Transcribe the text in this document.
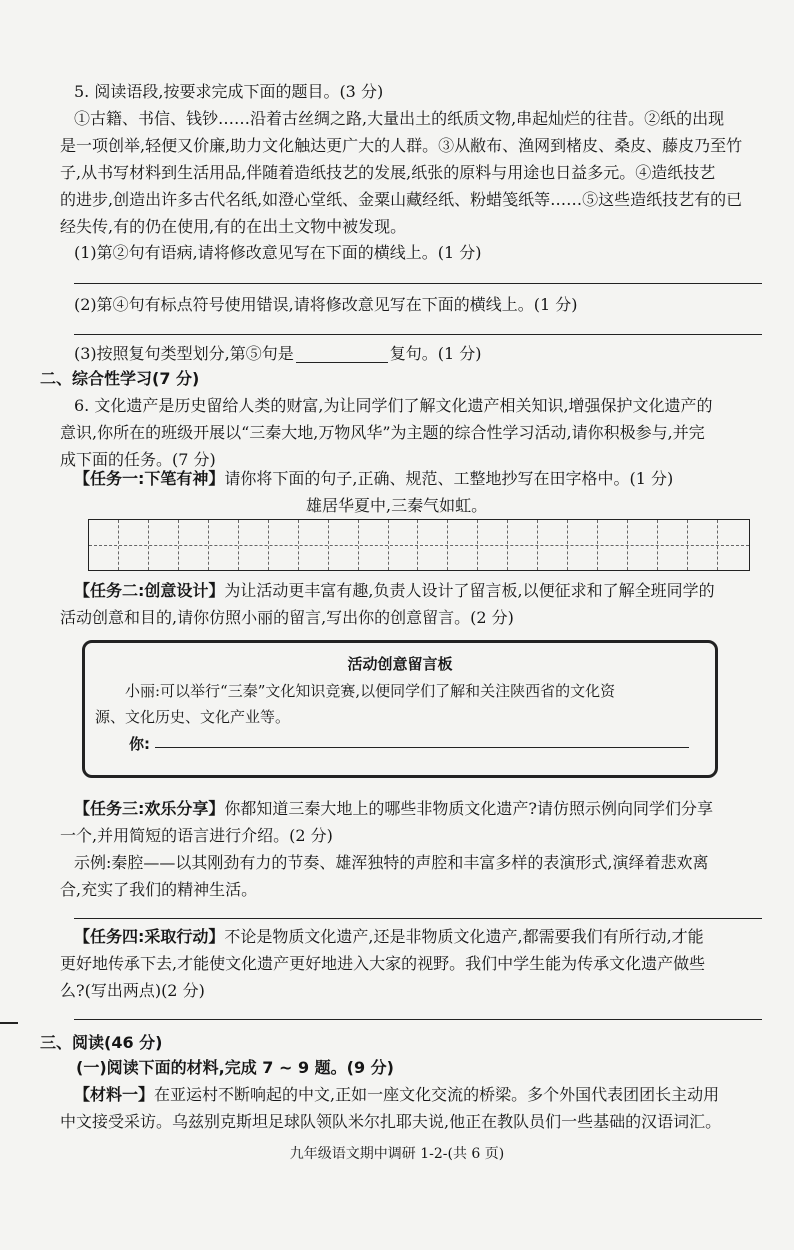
5. 阅读语段,按要求完成下面的题目。(3 分)
①古籍、书信、钱钞……沿着古丝绸之路,大量出土的纸质文物,串起灿烂的往昔。②纸的出现
是一项创举,轻便又价廉,助力文化触达更广大的人群。③从敝布、渔网到楮皮、桑皮、藤皮乃至竹
子,从书写材料到生活用品,伴随着造纸技艺的发展,纸张的原料与用途也日益多元。④造纸技艺
的进步,创造出许多古代名纸,如澄心堂纸、金粟山藏经纸、粉蜡笺纸等……⑤这些造纸技艺有的已
经失传,有的仍在使用,有的在出土文物中被发现。
(1)第②句有语病,请将修改意见写在下面的横线上。(1 分)
(2)第④句有标点符号使用错误,请将修改意见写在下面的横线上。(1 分)
(3)按照复句类型划分,第⑤句是	复句。(1 分)
二、综合性学习(7 分)
6. 文化遗产是历史留给人类的财富,为让同学们了解文化遗产相关知识,增强保护文化遗产的
意识,你所在的班级开展以“三秦大地,万物风华”为主题的综合性学习活动,请你积极参与,并完
成下面的任务。(7 分)
【任务一:下笔有神】请你将下面的句子,正确、规范、工整地抄写在田字格中。(1 分)
雄居华夏中,三秦气如虹。
【任务二:创意设计】为让活动更丰富有趣,负责人设计了留言板,以便征求和了解全班同学的
活动创意和目的,请你仿照小丽的留言,写出你的创意留言。(2 分)
活动创意留言板
小丽:可以举行“三秦”文化知识竞赛,以便同学们了解和关注陕西省的文化资
源、文化历史、文化产业等。
你:
【任务三:欢乐分享】你都知道三秦大地上的哪些非物质文化遗产?请仿照示例向同学们分享
一个,并用简短的语言进行介绍。(2 分)
示例:秦腔——以其刚劲有力的节奏、雄浑独特的声腔和丰富多样的表演形式,演绎着悲欢离
合,充实了我们的精神生活。
【任务四:采取行动】不论是物质文化遗产,还是非物质文化遗产,都需要我们有所行动,才能
更好地传承下去,才能使文化遗产更好地进入大家的视野。我们中学生能为传承文化遗产做些
么?(写出两点)(2 分)
三、阅读(46 分)
(一)阅读下面的材料,完成 7 ~ 9 题。(9 分)
【材料一】在亚运村不断响起的中文,正如一座文化交流的桥梁。多个外国代表团团长主动用
中文接受采访。乌兹别克斯坦足球队领队米尔扎耶夫说,他正在教队员们一些基础的汉语词汇。
九年级语文期中调研 1-2-(共 6 页)
